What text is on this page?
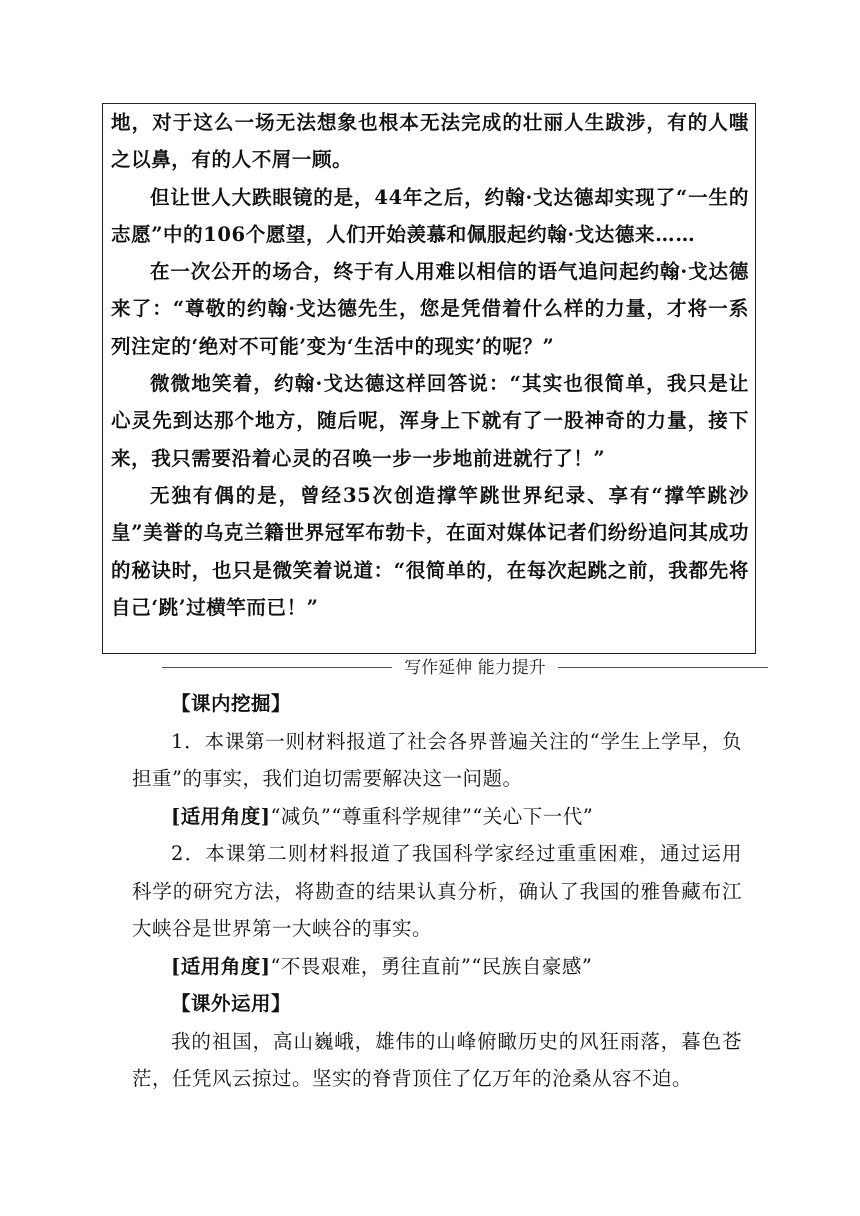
地，对于这么一场无法想象也根本无法完成的壮丽人生跋涉，有的人嗤之以鼻，有的人不屑一顾。

但让世人大跌眼镜的是，44年之后，约翰·戈达德却实现了“一生的志愿”中的106个愿望，人们开始羡慕和佩服起约翰·戈达德来……

在一次公开的场合，终于有人用难以相信的语气追问起约翰·戈达德来了：“尊敬的约翰·戈达德先生，您是凭借着什么样的力量，才将一系列注定的‘绝对不可能’变为‘生活中的现实’的呢？”

微微地笑着，约翰·戈达德这样回答说：“其实也很简单，我只是让心灵先到达那个地方，随后呢，浑身上下就有了一股神奇的力量，接下来，我只需要沿着心灵的召唤一步一步地前进就行了！”

无独有偶的是，曾经35次创造撑竿跳世界纪录、享有“撑竿跳沙皇”美誉的乌克兰籍世界冠军布勃卡，在面对媒体记者们纷纷追问其成功的秘诀时，也只是微笑着说道：“很简单的，在每次起跳之前，我都先将自己‘跳’过横竿而已！”

写作延伸 能力提升

【课内挖掘】

1．本课第一则材料报道了社会各界普遍关注的“学生上学早，负担重”的事实，我们迫切需要解决这一问题。

[适用角度]“减负”“尊重科学规律”“关心下一代”

2．本课第二则材料报道了我国科学家经过重重困难，通过运用科学的研究方法，将勘查的结果认真分析，确认了我国的雅鲁藏布江大峡谷是世界第一大峡谷的事实。

[适用角度]“不畏艰难，勇往直前”“民族自豪感”

【课外运用】

我的祖国，高山巍峨，雄伟的山峰俯瞰历史的风狂雨落，暮色苍茫，任凭风云掠过。坚实的脊背顶住了亿万年的沧桑从容不迫。
